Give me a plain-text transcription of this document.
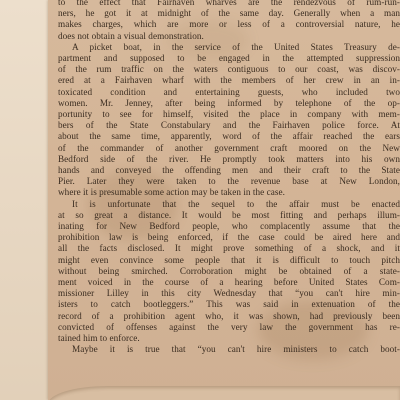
to the effect that Fairhaven wharves are the rendezvous of rum-run-
ners, he got it at midnight of the same day. Generally when a man
makes charges, which are more or less of a controversial nature, he
does not obtain a visual demonstration.
A picket boat, in the service of the United States Treasury de-
partment and supposed to be engaged in the attempted suppression
of the rum traffic on the waters contiguous to our coast, was discov-
ered at a Fairhaven wharf with the members of her crew in an in-
toxicated condition and entertaining guests, who included two
women. Mr. Jenney, after being informed by telephone of the op-
portunity to see for himself, visited the place in company with mem-
bers of the State Constabulary and the Fairhaven police force. At
about the same time, apparently, word of the affair reached the ears
of the commander of another government craft moored on the New
Bedford side of the river. He promptly took matters into his own
hands and conveyed the offending men and their craft to the State
Pier. Later they were taken to the revenue base at New London,
where it is presumable some action may be taken in the case.
It is unfortunate that the sequel to the affair must be enacted
at so great a distance. It would be most fitting and perhaps illum-
inating for New Bedford people, who complacently assume that the
prohibition law is being enforced, if the case could be aired here and
all the facts disclosed. It might prove something of a shock, and it
might even convince some people that it is difficult to touch pitch
without being smirched. Corroboration might be obtained of a state-
ment voiced in the course of a hearing before United States Com-
missioner Lilley in this city Wednesday that “you can't hire min-
isters to catch bootleggers.” This was said in extenuation of the
record of a prohibition agent who, it was shown, had previously been
convicted of offenses against the very law the government has re-
tained him to enforce.
Maybe it is true that “you can't hire ministers to catch boot-
